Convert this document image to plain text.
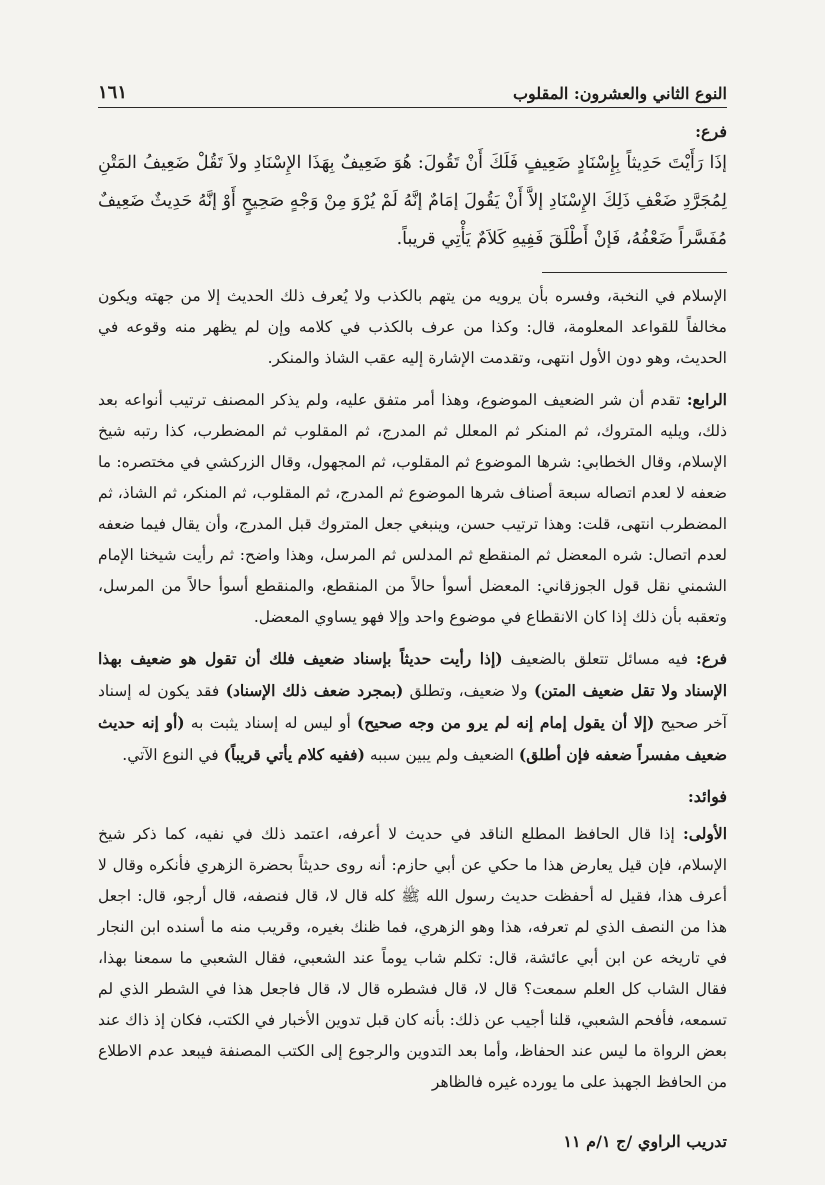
١٦١	النوع الثاني والعشرون: المقلوب
فرع:
إذَا رَأَيْتَ حَدِيثاً بِإِسْنَادٍ ضَعِيفٍ فَلَكَ أَنْ تَقُولَ: هُوَ ضَعِيفٌ بِهَذَا الإِسْنَادِ ولاَ تَقُلْ ضَعِيفُ المَتْنِ لِمُجَرَّدِ ضَعْفِ ذَلِكَ الإِسْنَادِ إلاَّ أَنْ يَقُولَ إمَامٌ إنَّهُ لَمْ يُرْوَ مِنْ وَجْهٍ صَحِيحٍ أَوْ إنَّهُ حَدِيثٌ ضَعِيفٌ مُفَسَّراً ضَعْفُهُ، فَإنْ أَطْلَقَ فَفِيهِ كَلاَمٌ يَأْتِي قريباً.

الإسلام في النخبة، وفسره بأن يرويه من يتهم بالكذب ولا يُعرف ذلك الحديث إلا من جهته ويكون مخالفاً للقواعد المعلومة، قال: وكذا من عرف بالكذب في كلامه وإن لم يظهر منه وقوعه في الحديث، وهو دون الأول انتهى، وتقدمت الإشارة إليه عقب الشاذ والمنكر.

الرابع: تقدم أن شر الضعيف الموضوع، وهذا أمر متفق عليه، ولم يذكر المصنف ترتيب أنواعه بعد ذلك، ويليه المتروك، ثم المنكر ثم المعلل ثم المدرج، ثم المقلوب ثم المضطرب، كذا رتبه شيخ الإسلام، وقال الخطابي: شرها الموضوع ثم المقلوب، ثم المجهول، وقال الزركشي في مختصره: ما ضعفه لا لعدم اتصاله سبعة أصناف شرها الموضوع ثم المدرج، ثم المقلوب، ثم المنكر، ثم الشاذ، ثم المضطرب انتهى، قلت: وهذا ترتيب حسن، وينبغي جعل المتروك قبل المدرج، وأن يقال فيما ضعفه لعدم اتصال: شره المعضل ثم المنقطع ثم المدلس ثم المرسل، وهذا واضح: ثم رأيت شيخنا الإمام الشمني نقل قول الجوزقاني: المعضل أسوأ حالاً من المنقطع، والمنقطع أسوأ حالاً من المرسل، وتعقبه بأن ذلك إذا كان الانقطاع في موضوع واحد وإلا فهو يساوي المعضل.

فرع: فيه مسائل تتعلق بالضعيف (إذا رأيت حديثاً بإسناد ضعيف فلك أن تقول هو ضعيف بهذا الإسناد ولا تقل ضعيف المتن) ولا ضعيف، وتطلق (بمجرد ضعف ذلك الإسناد) فقد يكون له إسناد آخر صحيح (إلا أن يقول إمام إنه لم يرو من وجه صحيح) أو ليس له إسناد يثبت به (أو إنه حديث ضعيف مفسراً ضعفه فإن أطلق) الضعيف ولم يبين سببه (ففيه كلام يأتي قريباً) في النوع الآتي.

فوائد:

الأولى: إذا قال الحافظ المطلع الناقد في حديث لا أعرفه، اعتمد ذلك في نفيه، كما ذكر شيخ الإسلام، فإن قيل يعارض هذا ما حكي عن أبي حازم: أنه روى حديثاً بحضرة الزهري فأنكره وقال لا أعرف هذا، فقيل له أحفظت حديث رسول الله ﷺ كله قال لا، قال فنصفه، قال أرجو، قال: اجعل هذا من النصف الذي لم تعرفه، هذا وهو الزهري، فما ظنك بغيره، وقريب منه ما أسنده ابن النجار في تاريخه عن ابن أبي عائشة، قال: تكلم شاب يوماً عند الشعبي، فقال الشعبي ما سمعنا بهذا، فقال الشاب كل العلم سمعت؟ قال لا، قال فشطره قال لا، قال فاجعل هذا في الشطر الذي لم تسمعه، فأفحم الشعبي، قلنا أجيب عن ذلك: بأنه كان قبل تدوين الأخبار في الكتب، فكان إذ ذاك عند بعض الرواة ما ليس عند الحفاظ، وأما بعد التدوين والرجوع إلى الكتب المصنفة فيبعد عدم الاطلاع من الحافظ الجهبذ على ما يورده غيره فالظاهر

تدريب الراوي /ج ١/م ١١
